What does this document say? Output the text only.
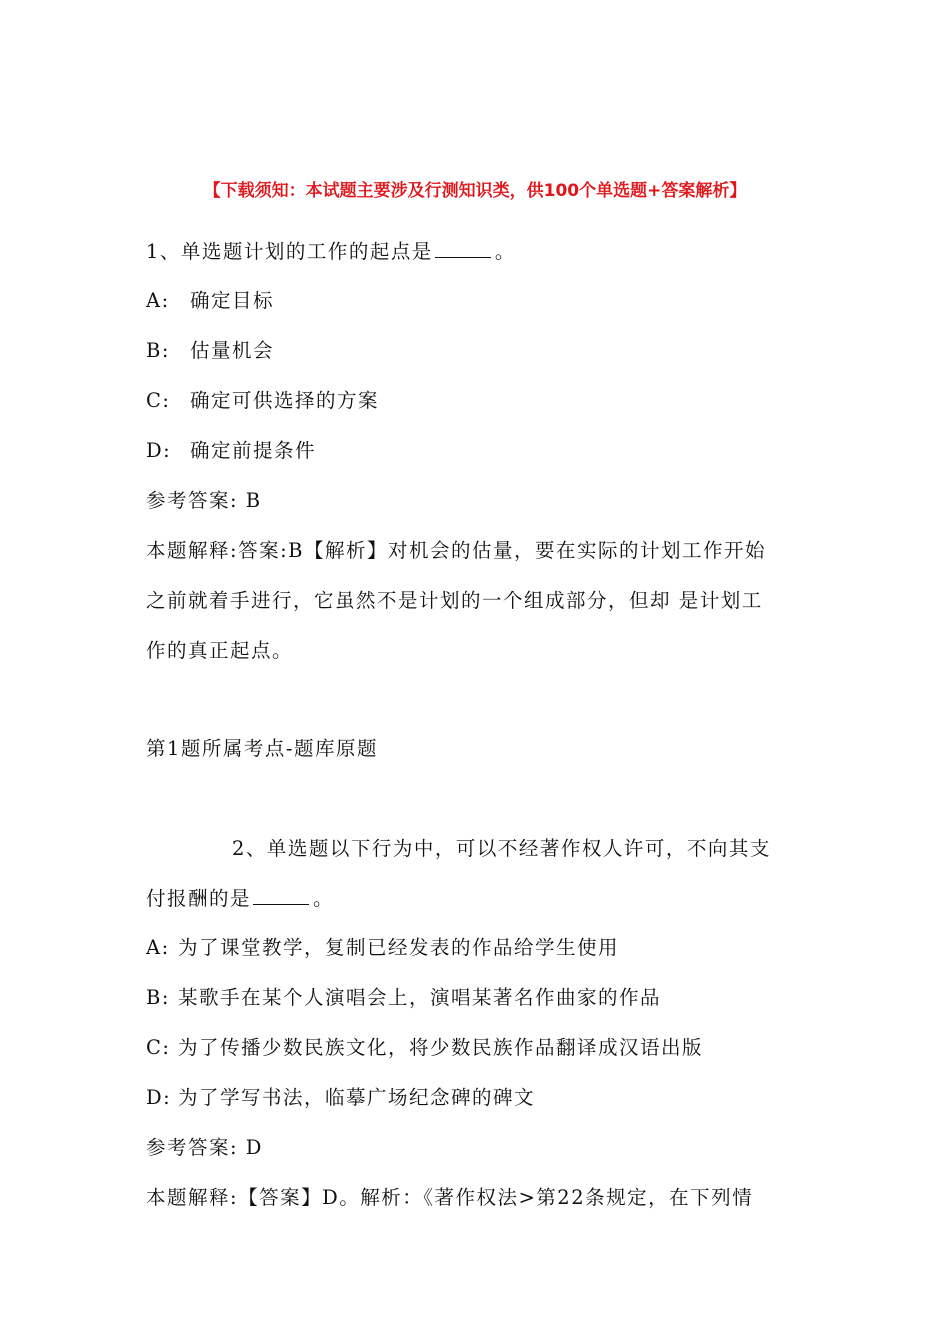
【下载须知：本试题主要涉及行测知识类，供100个单选题+答案解析】
1、单选题计划的工作的起点是	。
A: 确定目标
B: 估量机会
C: 确定可供选择的方案
D: 确定前提条件
参考答案: B
本题解释:答案:B【解析】对机会的估量，要在实际的计划工作开始
之前就着手进行，它虽然不是计划的一个组成部分，但却 是计划工
作的真正起点。
第1题所属考点-题库原题
2、单选题以下行为中，可以不经著作权人许可，不向其支
付报酬的是	。
A: 为了课堂教学，复制已经发表的作品给学生使用
B: 某歌手在某个人演唱会上，演唱某著名作曲家的作品
C: 为了传播少数民族文化，将少数民族作品翻译成汉语出版
D: 为了学写书法，临摹广场纪念碑的碑文
参考答案: D
本题解释:【答案】D。解析：《著作权法>第22条规定，在下列情
